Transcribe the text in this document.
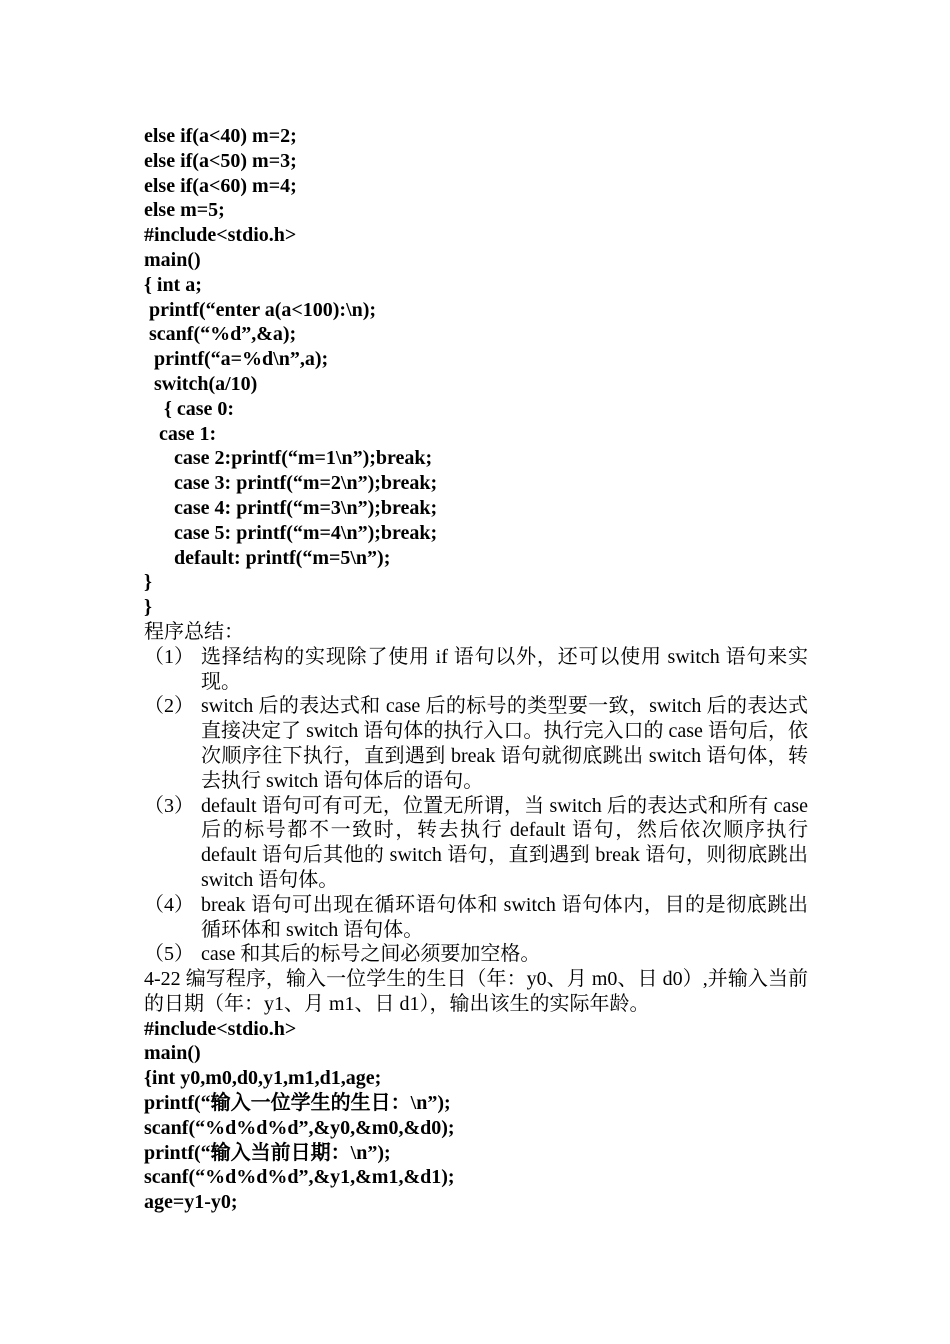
else if(a<40) m=2;
else if(a<50) m=3;
else if(a<60) m=4;
else m=5;
#include<stdio.h>
main()
{ int a;
printf(“enter a(a<100):\n);
scanf(“%d”,&a);
printf(“a=%d\n”,a);
switch(a/10)
{ case 0:
case 1:
case 2:printf(“m=1\n”);break;
case 3: printf(“m=2\n”);break;
case 4: printf(“m=3\n”);break;
case 5: printf(“m=4\n”);break;
default: printf(“m=5\n”);
}
}
程序总结：
（1） 选择结构的实现除了使用 if 语句以外，还可以使用 switch 语句来实现。
（2） switch 后的表达式和 case 后的标号的类型要一致，switch 后的表达式直接决定了 switch 语句体的执行入口。执行完入口的 case 语句后，依次顺序往下执行，直到遇到 break 语句就彻底跳出 switch 语句体，转去执行 switch 语句体后的语句。
（3） default 语句可有可无，位置无所谓，当 switch 后的表达式和所有 case 后的标号都不一致时，转去执行 default 语句，然后依次顺序执行 default 语句后其他的 switch 语句，直到遇到 break 语句，则彻底跳出 switch 语句体。
（4） break 语句可出现在循环语句体和 switch 语句体内，目的是彻底跳出循环体和 switch 语句体。
（5） case 和其后的标号之间必须要加空格。
4-22 编写程序，输入一位学生的生日（年：y0、月 m0、日 d0）,并输入当前的日期（年：y1、月 m1、日 d1），输出该生的实际年龄。
#include<stdio.h>
main()
{int y0,m0,d0,y1,m1,d1,age;
printf(“输入一位学生的生日：\n”);
scanf(“%d%d%d”,&y0,&m0,&d0);
printf(“输入当前日期：\n”);
scanf(“%d%d%d”,&y1,&m1,&d1);
age=y1-y0;
